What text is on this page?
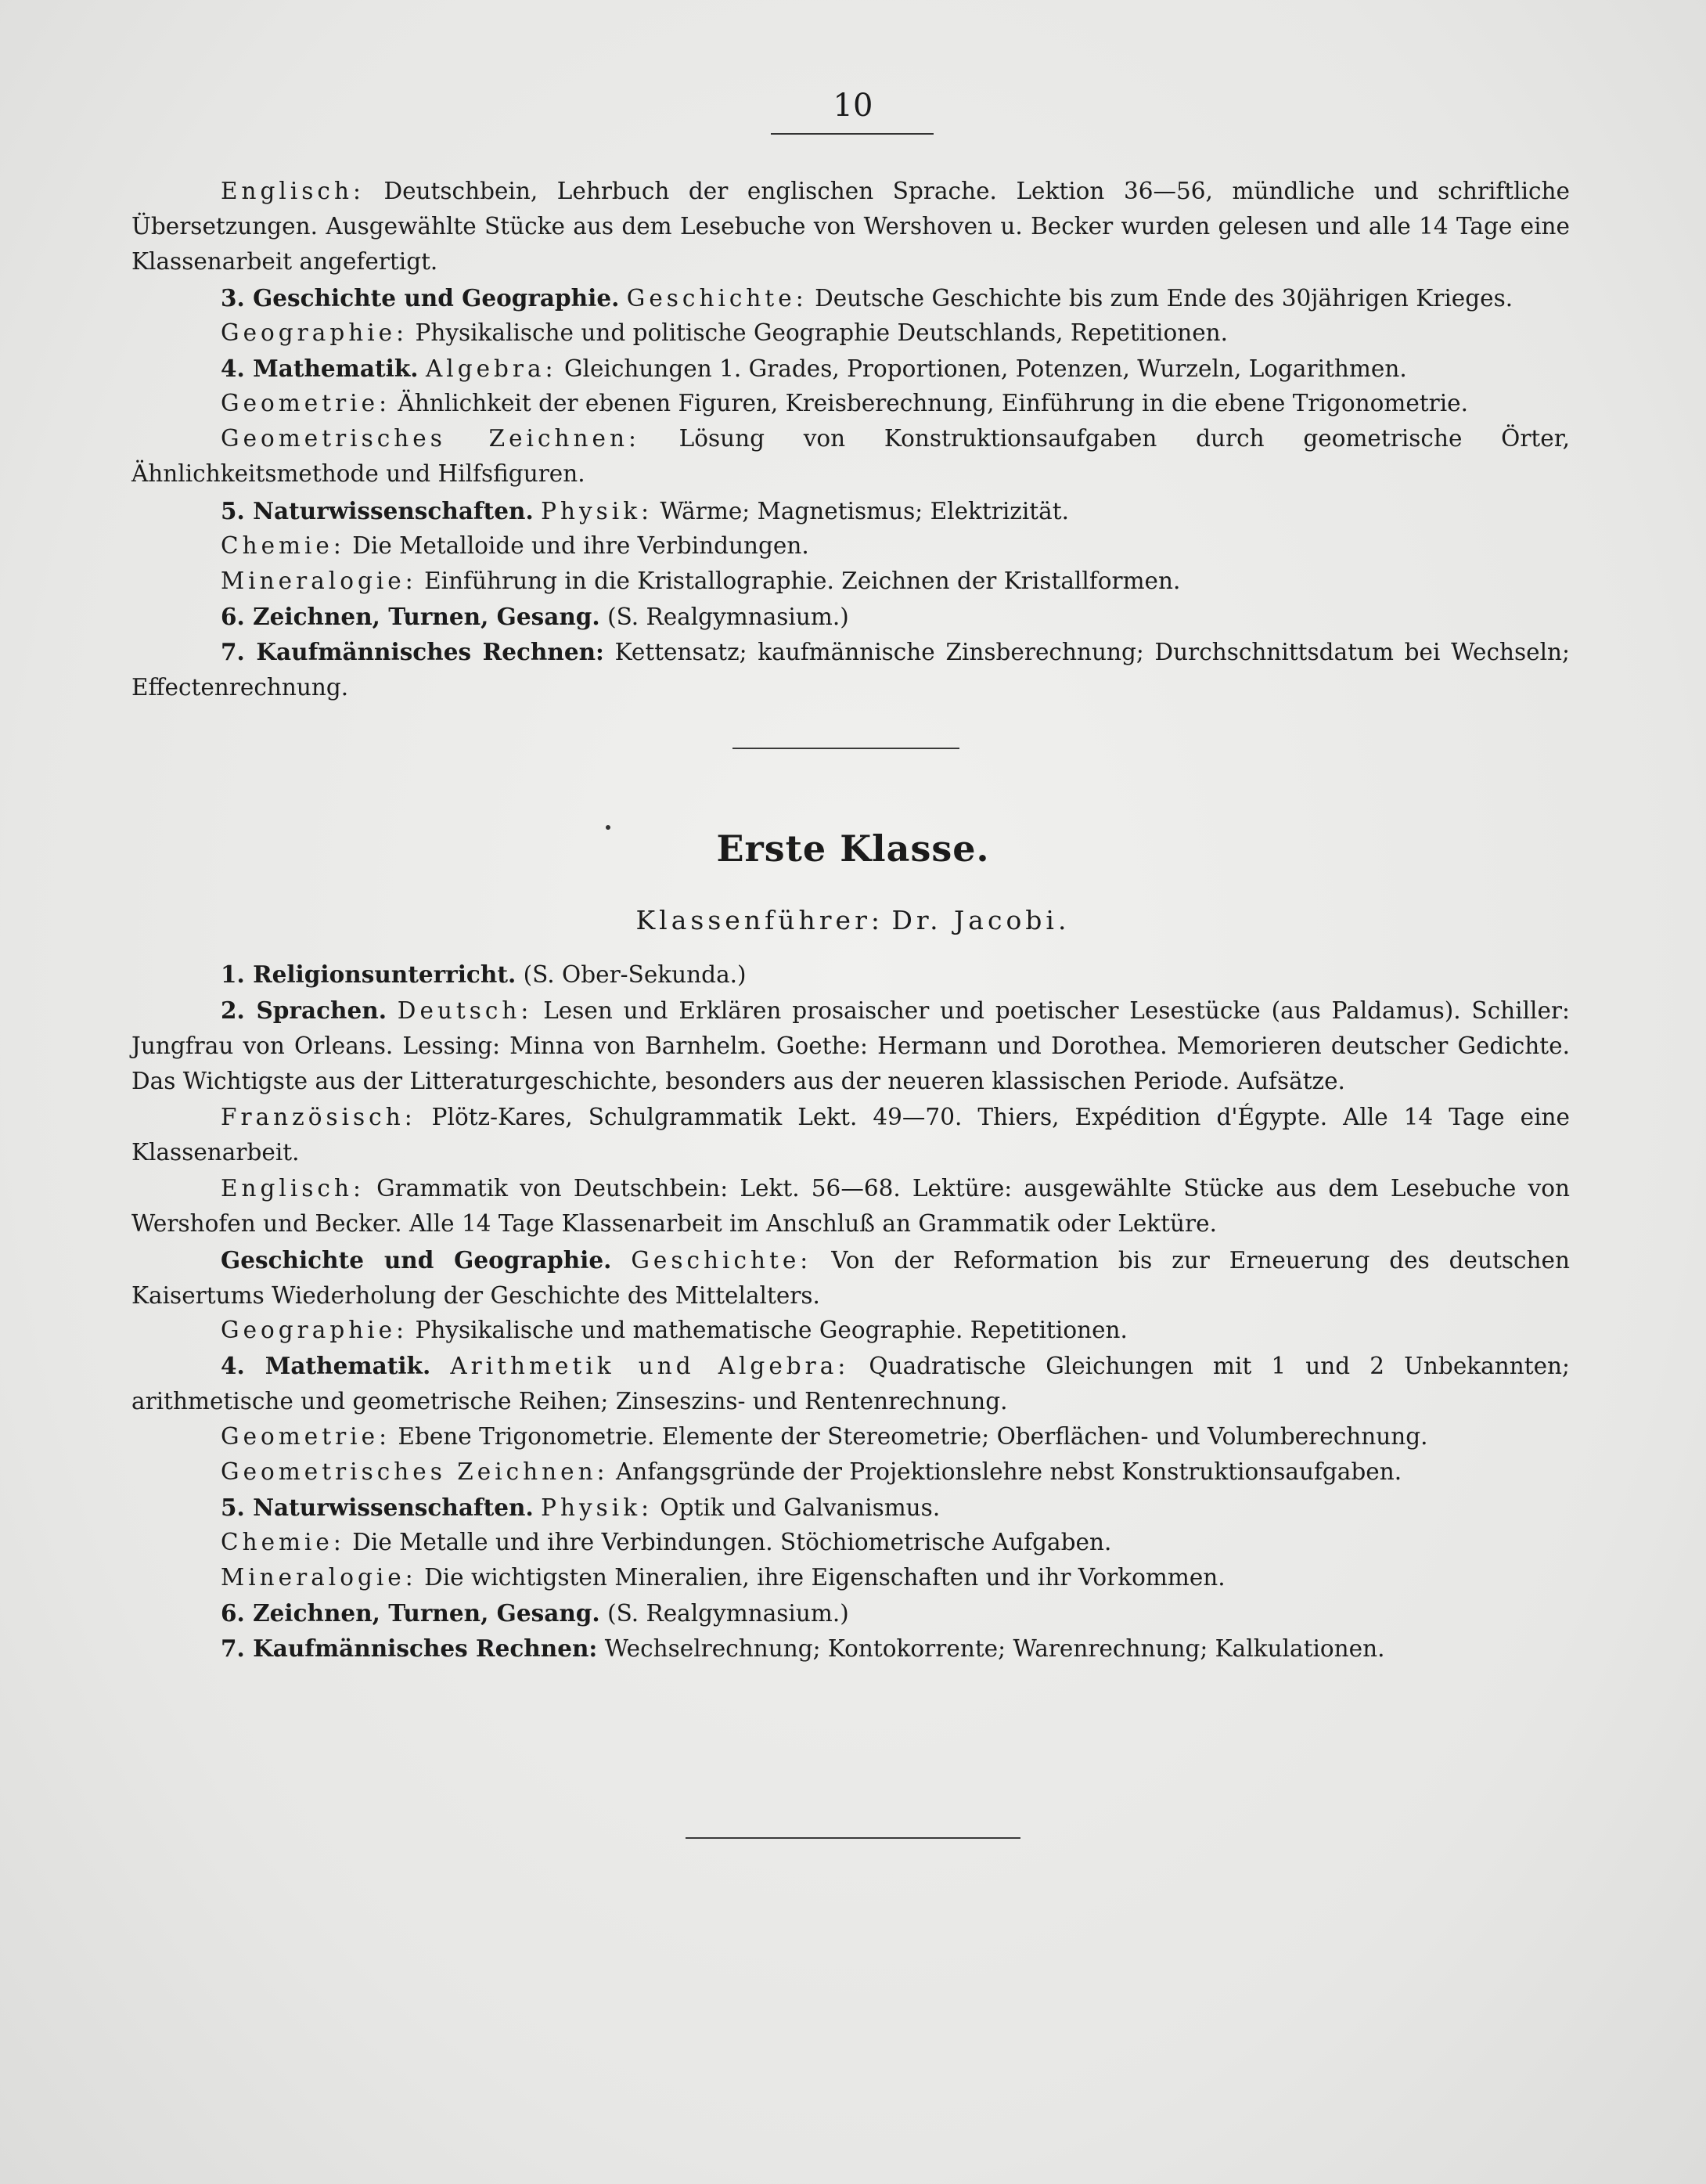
10
Englisch: Deutschbein, Lehrbuch der englischen Sprache. Lektion 36—56, mündliche und schriftliche Übersetzungen. Ausgewählte Stücke aus dem Lesebuche von Wershoven u. Becker wurden gelesen und alle 14 Tage eine Klassenarbeit angefertigt.
3. Geschichte und Geographie. Geschichte: Deutsche Geschichte bis zum Ende des 30jährigen Krieges.
Geographie: Physikalische und politische Geographie Deutschlands, Repetitionen.
4. Mathematik. Algebra: Gleichungen 1. Grades, Proportionen, Potenzen, Wurzeln, Logarithmen.
Geometrie: Ähnlichkeit der ebenen Figuren, Kreisberechnung, Einführung in die ebene Trigonometrie.
Geometrisches Zeichnen: Lösung von Konstruktionsaufgaben durch geometrische Örter, Ähnlichkeitsmethode und Hilfsfiguren.
5. Naturwissenschaften. Physik: Wärme; Magnetismus; Elektrizität.
Chemie: Die Metalloide und ihre Verbindungen.
Mineralogie: Einführung in die Kristallographie. Zeichnen der Kristallformen.
6. Zeichnen, Turnen, Gesang. (S. Realgymnasium.)
7. Kaufmännisches Rechnen: Kettensatz; kaufmännische Zinsberechnung; Durchschnittsdatum bei Wechseln; Effectenrechnung.
Erste Klasse.
Klassenführer: Dr. Jacobi.
1. Religionsunterricht. (S. Ober-Sekunda.)
2. Sprachen. Deutsch: Lesen und Erklären prosaischer und poetischer Lesestücke (aus Paldamus). Schiller: Jungfrau von Orleans. Lessing: Minna von Barnhelm. Goethe: Hermann und Dorothea. Memorieren deutscher Gedichte. Das Wichtigste aus der Litteraturgeschichte, besonders aus der neueren klassischen Periode. Aufsätze.
Französisch: Plötz-Kares, Schulgrammatik Lekt. 49—70. Thiers, Expédition d'Égypte. Alle 14 Tage eine Klassenarbeit.
Englisch: Grammatik von Deutschbein: Lekt. 56—68. Lektüre: ausgewählte Stücke aus dem Lesebuche von Wershofen und Becker. Alle 14 Tage Klassenarbeit im Anschluß an Grammatik oder Lektüre.
Geschichte und Geographie. Geschichte: Von der Reformation bis zur Erneuerung des deutschen Kaisertums Wiederholung der Geschichte des Mittelalters.
Geographie: Physikalische und mathematische Geographie. Repetitionen.
4. Mathematik. Arithmetik und Algebra: Quadratische Gleichungen mit 1 und 2 Unbekannten; arithmetische und geometrische Reihen; Zinseszins- und Rentenrechnung.
Geometrie: Ebene Trigonometrie. Elemente der Stereometrie; Oberflächen- und Volumberechnung.
Geometrisches Zeichnen: Anfangsgründe der Projektionslehre nebst Konstruktionsaufgaben.
5. Naturwissenschaften. Physik: Optik und Galvanismus.
Chemie: Die Metalle und ihre Verbindungen. Stöchiometrische Aufgaben.
Mineralogie: Die wichtigsten Mineralien, ihre Eigenschaften und ihr Vorkommen.
6. Zeichnen, Turnen, Gesang. (S. Realgymnasium.)
7. Kaufmännisches Rechnen: Wechselrechnung; Kontokorrente; Warenrechnung; Kalkulationen.
